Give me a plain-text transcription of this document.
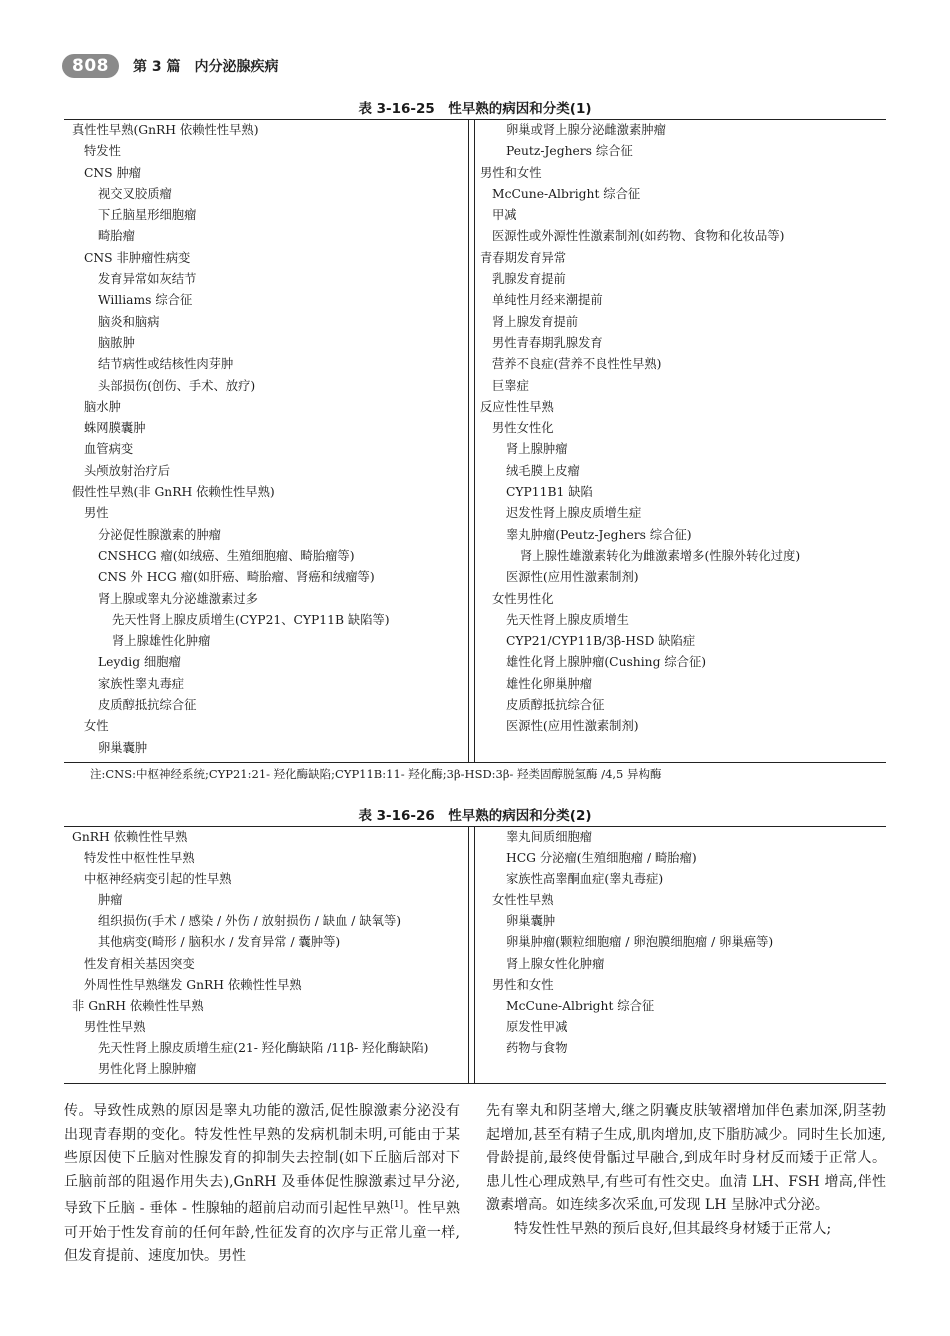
808	第 3 篇　内分泌腺疾病
表 3-16-25　性早熟的病因和分类(1)
真性性早熟(GnRH 依赖性性早熟)
特发性
CNS 肿瘤
视交叉胶质瘤
下丘脑星形细胞瘤
畸胎瘤
CNS 非肿瘤性病变
发育异常如灰结节
Williams 综合征
脑炎和脑病
脑脓肿
结节病性或结核性肉芽肿
头部损伤(创伤、手术、放疗)
脑水肿
蛛网膜囊肿
血管病变
头颅放射治疗后
假性性早熟(非 GnRH 依赖性性早熟)
男性
分泌促性腺激素的肿瘤
CNSHCG 瘤(如绒癌、生殖细胞瘤、畸胎瘤等)
CNS 外 HCG 瘤(如肝癌、畸胎瘤、肾癌和绒瘤等)
肾上腺或睾丸分泌雄激素过多
先天性肾上腺皮质增生(CYP21、CYP11B 缺陷等)
肾上腺雄性化肿瘤
Leydig 细胞瘤
家族性睾丸毒症
皮质醇抵抗综合征
女性
卵巢囊肿
卵巢或肾上腺分泌雌激素肿瘤
Peutz-Jeghers 综合征
男性和女性
McCune-Albright 综合征
甲减
医源性或外源性性激素制剂(如药物、食物和化妆品等)
青春期发育异常
乳腺发育提前
单纯性月经来潮提前
肾上腺发育提前
男性青春期乳腺发育
营养不良症(营养不良性性早熟)
巨睾症
反应性性早熟
男性女性化
肾上腺肿瘤
绒毛膜上皮瘤
CYP11B1 缺陷
迟发性肾上腺皮质增生症
睾丸肿瘤(Peutz-Jeghers 综合征)
肾上腺性雄激素转化为雌激素增多(性腺外转化过度)
医源性(应用性激素制剂)
女性男性化
先天性肾上腺皮质增生
CYP21/CYP11B/3β-HSD 缺陷症
雄性化肾上腺肿瘤(Cushing 综合征)
雄性化卵巢肿瘤
皮质醇抵抗综合征
医源性(应用性激素制剂)
注:CNS:中枢神经系统;CYP21:21- 羟化酶缺陷;CYP11B:11- 羟化酶;3β-HSD:3β- 羟类固醇脱氢酶 /4,5 异构酶
表 3-16-26　性早熟的病因和分类(2)
GnRH 依赖性性早熟
特发性中枢性性早熟
中枢神经病变引起的性早熟
肿瘤
组织损伤(手术 / 感染 / 外伤 / 放射损伤 / 缺血 / 缺氧等)
其他病变(畸形 / 脑积水 / 发育异常 / 囊肿等)
性发育相关基因突变
外周性性早熟继发 GnRH 依赖性性早熟
非 GnRH 依赖性性早熟
男性性早熟
先天性肾上腺皮质增生症(21- 羟化酶缺陷 /11β- 羟化酶缺陷)
男性化肾上腺肿瘤
睾丸间质细胞瘤
HCG 分泌瘤(生殖细胞瘤 / 畸胎瘤)
家族性高睾酮血症(睾丸毒症)
女性性早熟
卵巢囊肿
卵巢肿瘤(颗粒细胞瘤 / 卵泡膜细胞瘤 / 卵巢癌等)
肾上腺女性化肿瘤
男性和女性
McCune-Albright 综合征
原发性甲减
药物与食物

传。导致性成熟的原因是睾丸功能的激活,促性腺激素分泌没有出现青春期的变化。特发性性早熟的发病机制未明,可能由于某些原因使下丘脑对性腺发育的抑制失去控制(如下丘脑后部对下丘脑前部的阻遏作用失去),GnRH 及垂体促性腺激素过早分泌,导致下丘脑 - 垂体 - 性腺轴的超前启动而引起性早熟[1]。性早熟可开始于性发育前的任何年龄,性征发育的次序与正常儿童一样,但发育提前、速度加快。男性

先有睾丸和阴茎增大,继之阴囊皮肤皱褶增加伴色素加深,阴茎勃起增加,甚至有精子生成,肌肉增加,皮下脂肪减少。同时生长加速,骨龄提前,最终使骨骺过早融合,到成年时身材反而矮于正常人。患儿性心理成熟早,有些可有性交史。血清 LH、FSH 增高,伴性激素增高。如连续多次采血,可发现 LH 呈脉冲式分泌。

特发性性早熟的预后良好,但其最终身材矮于正常人;
